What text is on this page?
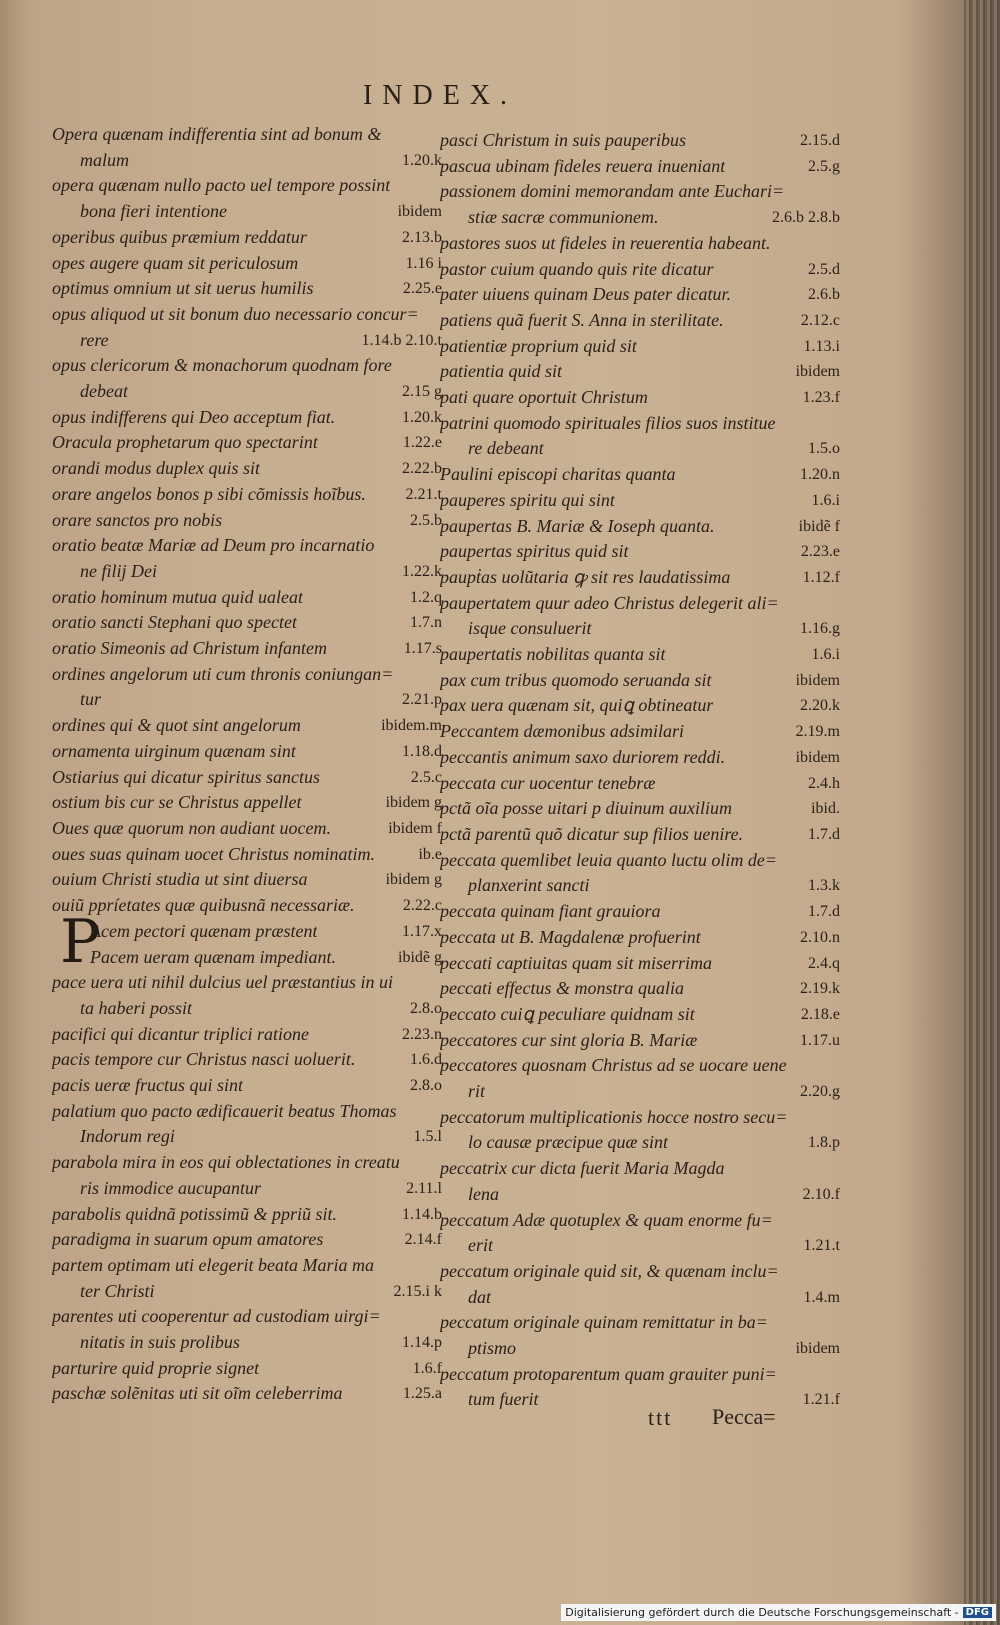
INDEX.
P
Opera quænam indifferentia sint ad bonum &
malum	1.20.k
opera quænam nullo pacto uel tempore possint
bona fieri intentione	ibidem
operibus quibus præmium reddatur	2.13.b
opes augere quam sit periculosum	1.16 i
optimus omnium ut sit uerus humilis	2.25.e
opus aliquod ut sit bonum duo necessario concur=
rere	1.14.b 2.10.t
opus clericorum & monachorum quodnam fore
debeat	2.15 g
opus indifferens qui Deo acceptum fiat.	1.20.k
Oracula prophetarum quo spectarint	1.22.e
orandi modus duplex quis sit	2.22.b
orare angelos bonos p sibi cõmissis hoĩbus. 2.21.t
orare sanctos pro nobis	2.5.b
oratio beatæ Mariæ ad Deum pro incarnatio
ne filij Dei	1.22.k
oratio hominum mutua quid ualeat	1.2.q
oratio sancti Stephani quo spectet	1.7.n
oratio Simeonis ad Christum infantem	1.17.s
ordines angelorum uti cum thronis coniungan=
tur	2.21.p
ordines qui & quot sint angelorum	ibidem.m
ornamenta uirginum quænam sint	1.18.d
Ostiarius qui dicatur spiritus sanctus	2.5.c
ostium bis cur se Christus appellet	ibidem g
Oues quæ quorum non audiant uocem.	ibidem f
oues suas quinam uocet Christus nominatim.	ib.e
ouium Christi studia ut sint diuersa	ibidem g
ouiũ ppríetates quæ quibusnã necessariæ.	2.22.c
Acem pectori quænam præstent	1.17.x
Pacem ueram quænam impediant.	ibidẽ g
pace uera uti nihil dulcius uel præstantius in ui
ta haberi possit	2.8.o
pacifici qui dicantur triplici ratione	2.23.n
pacis tempore cur Christus nasci uoluerit.	1.6.d
pacis ueræ fructus qui sint	2.8.o
palatium quo pacto ædificauerit beatus Thomas
Indorum regi	1.5.l
parabola mira in eos qui oblectationes in creatu
ris immodice aucupantur	2.11.l
parabolis quidnã potissimũ & ppriũ sit.	1.14.b
paradigma in suarum opum amatores	2.14.f
partem optimam uti elegerit beata Maria ma
ter Christi	2.15.i k
parentes uti cooperentur ad custodiam uirgi=
nitatis in suis prolibus	1.14.p
parturire quid proprie signet	1.6.f
paschæ solẽnitas uti sit oĩm celeberrima	1.25.a
pasci Christum in suis pauperibus	2.15.d
pascua ubinam fideles reuera inueniant	2.5.g
passionem domini memorandam ante Euchari=
stiæ sacræ communionem.	2.6.b 2.8.b
pastores suos ut fideles in reuerentia habeant.
pastor cuium quando quis rite dicatur	2.5.d
pater uiuens quinam Deus pater dicatur.	2.6.b
patiens quã fuerit S. Anna in sterilitate.	2.12.c
patientiæ proprium quid sit	1.13.i
patientia quid sit	ibidem
pati quare oportuit Christum	1.23.f
patrini quomodo spirituales filios suos institue
re debeant	1.5.o
Paulini episcopi charitas quanta	1.20.n
pauperes spiritu qui sint	1.6.i
paupertas B. Mariæ & Ioseph quanta.	ibidẽ f
paupertas spiritus quid sit	2.23.e
paupṫas uolũtaria ꝙ sit res laudatissima	1.12.f
paupertatem quur adeo Christus delegerit ali=
isque consuluerit	1.16.g
paupertatis nobilitas quanta sit	1.6.i
pax cum tribus quomodo seruanda sit	ibidem
pax uera quænam sit, quiꝗ obtineatur	2.20.k
Peccantem dæmonibus adsimilari	2.19.m
peccantis animum saxo duriorem reddi.	ibidem
peccata cur uocentur tenebræ	2.4.h
pctã oĩa posse uitari p diuinum auxilium	ibid.
pctã parentũ quõ dicatur sup filios uenire.	1.7.d
peccata quemlibet leuia quanto luctu olim de=
planxerint sancti	1.3.k
peccata quinam fiant grauiora	1.7.d
peccata ut B. Magdalenæ profuerint	2.10.n
peccati captiuitas quam sit miserrima	2.4.q
peccati effectus & monstra qualia	2.19.k
peccato cuiꝗ peculiare quidnam sit	2.18.e
peccatores cur sint gloria B. Mariæ	1.17.u
peccatores quosnam Christus ad se uocare uene
rit	2.20.g
peccatorum multiplicationis hocce nostro secu=
lo causæ præcipue quæ sint	1.8.p
peccatrix cur dicta fuerit Maria Magda
lena	2.10.f
peccatum Adæ quotuplex & quam enorme fu=
erit	1.21.t
peccatum originale quid sit, & quænam inclu=
dat	1.4.m
peccatum originale quinam remittatur in ba=
ptismo	ibidem
peccatum protoparentum quam grauiter puni=
tum fuerit	1.21.f
ttt Pecca=
Digitalisierung gefördert durch die Deutsche Forschungsgemeinschaft - DFG
